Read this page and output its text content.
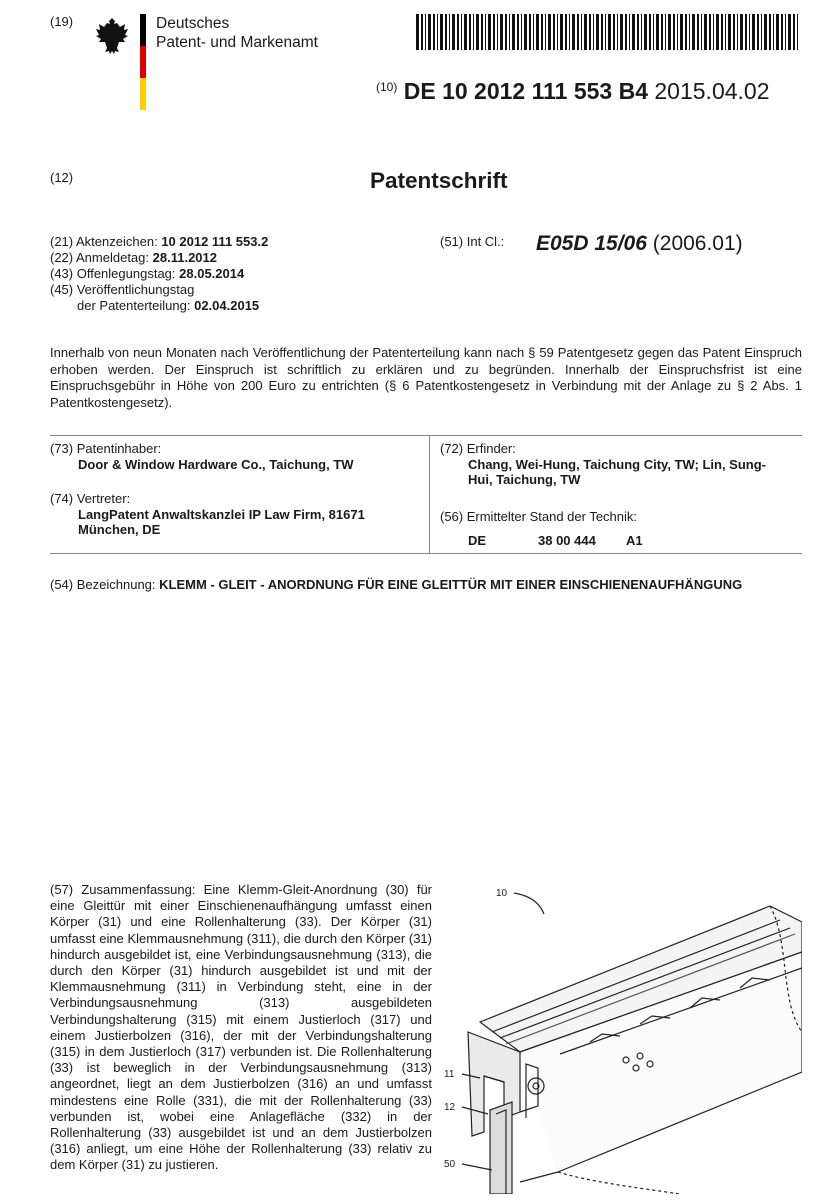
(19)	Deutsches
Patent- und Markenamt
$^{(10)}$ DE 10 2012 111 553 B4 2015.04.02
(12)	Patentschrift
(21) Aktenzeichen: 10 2012 111 553.2
(22) Anmeldetag: 28.11.2012
(43) Offenlegungstag: 28.05.2014
(45) Veröffentlichungstag
der Patenterteilung: 02.04.2015
(51) Int Cl.: E05D 15/06 (2006.01)
Innerhalb von neun Monaten nach Veröffentlichung der Patenterteilung kann nach § 59 Patentgesetz gegen das Patent Einspruch erhoben werden. Der Einspruch ist schriftlich zu erklären und zu begründen. Innerhalb der Einspruchsfrist ist eine Einspruchsgebühr in Höhe von 200 Euro zu entrichten (§ 6 Patentkostengesetz in Verbindung mit der Anlage zu § 2 Abs. 1 Patentkostengesetz).
(73) Patentinhaber:
Door & Window Hardware Co., Taichung, TW
(74) Vertreter:
LangPatent Anwaltskanzlei IP Law Firm, 81671
München, DE
(72) Erfinder:
Chang, Wei-Hung, Taichung City, TW; Lin, Sung-
Hui, Taichung, TW
(56) Ermittelter Stand der Technik:
DE	38 00 444 A1
(54) Bezeichnung: KLEMM - GLEIT - ANORDNUNG FÜR EINE GLEITTÜR MIT EINER EINSCHIENENAUFHÄNGUNG
(57) Zusammenfassung: Eine Klemm-Gleit-Anordnung (30) für eine Gleittür mit einer Einschienenaufhängung umfasst einen Körper (31) und eine Rollenhalterung (33). Der Körper (31) umfasst eine Klemmausnehmung (311), die durch den Körper (31) hindurch ausgebildet ist, eine Verbindungsausnehmung (313), die durch den Körper (31) hindurch ausgebildet ist und mit der Klemmausnehmung (311) in Verbindung steht, eine in der Verbindungsausnehmung (313) ausgebildeten Verbindungshalterung (315) mit einem Justierloch (317) und einem Justierbolzen (316), der mit der Verbindungshalterung (315) in dem Justierloch (317) verbunden ist. Die Rollenhalterung (33) ist beweglich in der Verbindungsausnehmung (313) angeordnet, liegt an dem Justierbolzen (316) an und umfasst mindestens eine Rolle (331), die mit der Rollenhalterung (33) verbunden ist, wobei eine Anlagefläche (332) in der Rollenhalterung (33) ausgebildet ist und an dem Justierbolzen (316) anliegt, um eine Höhe der Rollenhalterung (33) relativ zu dem Körper (31) zu justieren.
10
11
12
50
